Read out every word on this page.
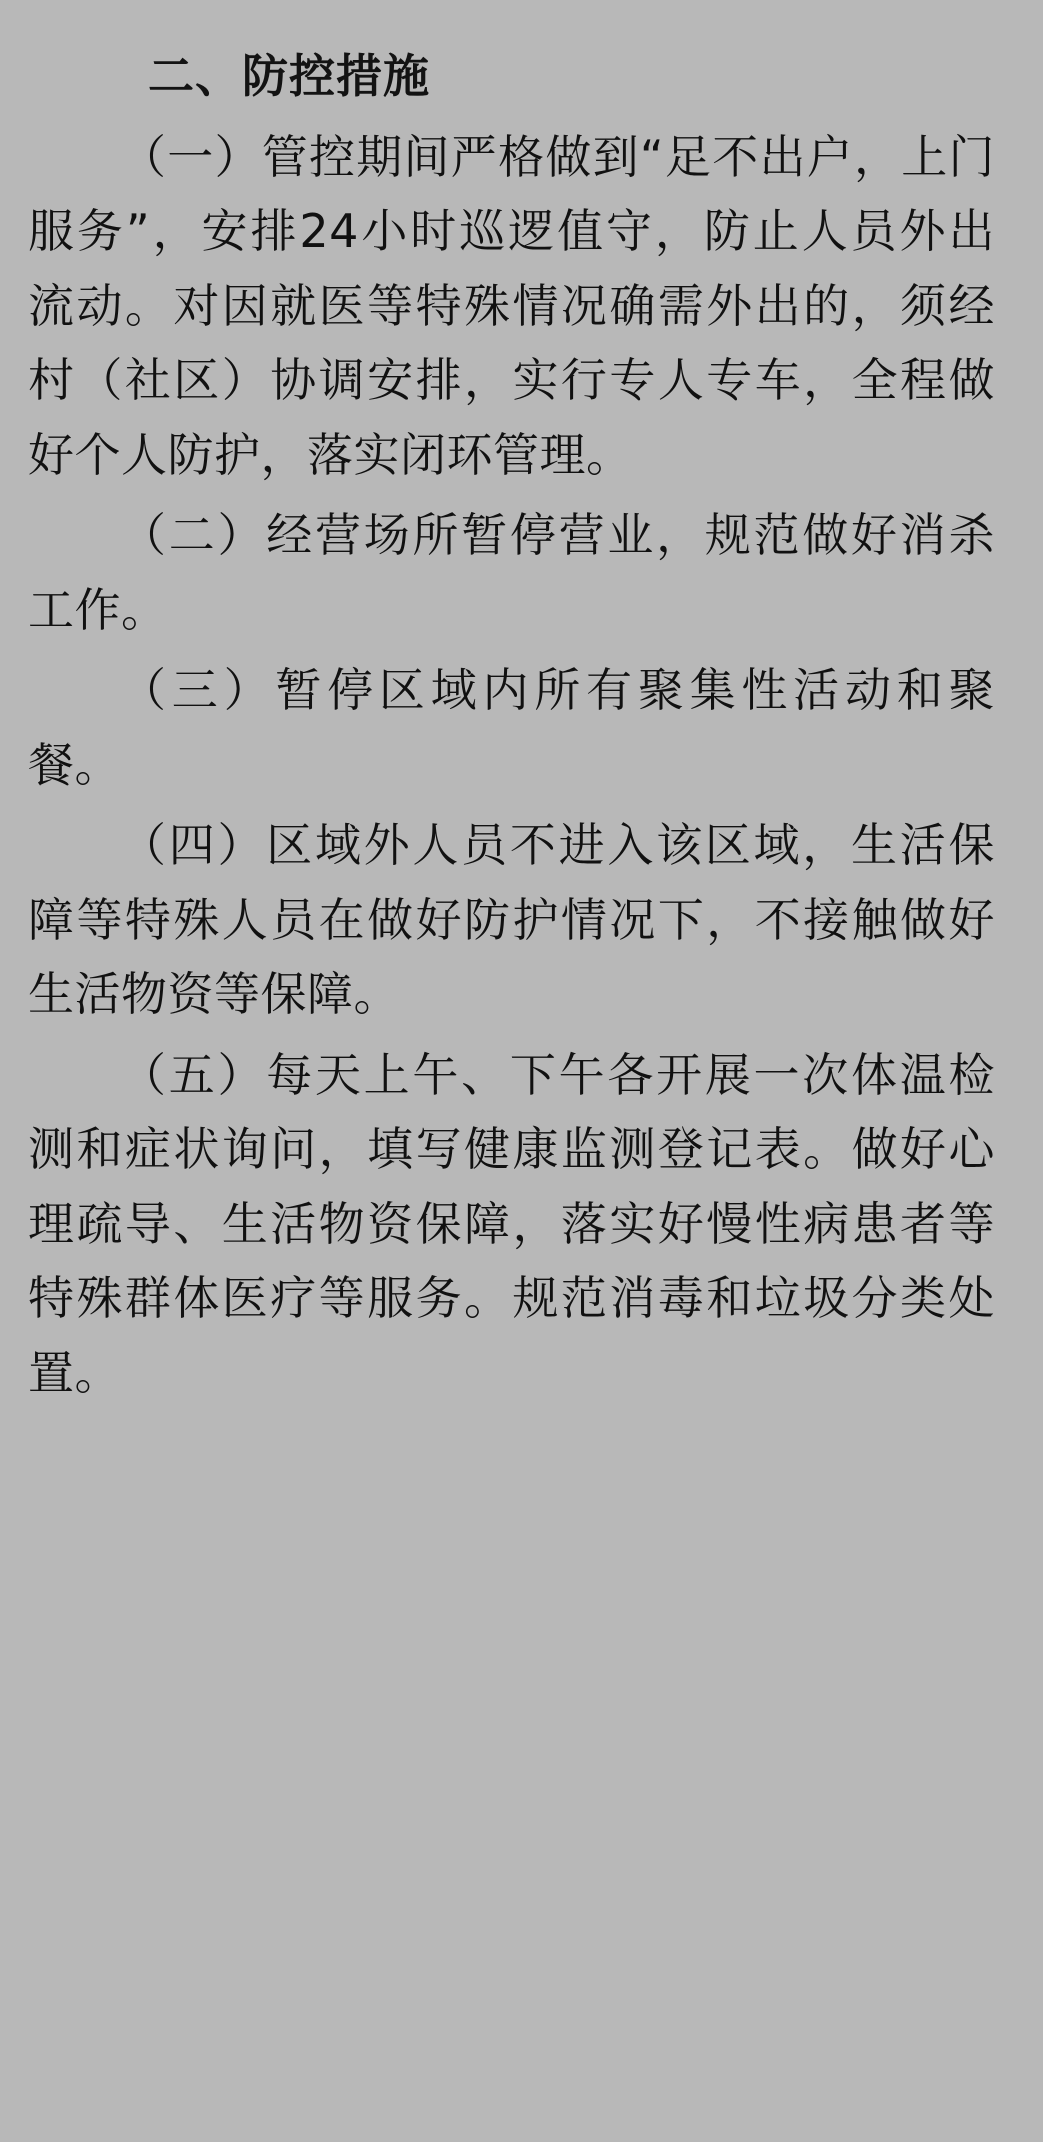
二、防控措施

（一）管控期间严格做到“足不出户，上门服务”，安排24小时巡逻值守，防止人员外出流动。对因就医等特殊情况确需外出的，须经村（社区）协调安排，实行专人专车，全程做好个人防护，落实闭环管理。

（二）经营场所暂停营业，规范做好消杀工作。

（三）暂停区域内所有聚集性活动和聚餐。

（四）区域外人员不进入该区域，生活保障等特殊人员在做好防护情况下，不接触做好生活物资等保障。

（五）每天上午、下午各开展一次体温检测和症状询问，填写健康监测登记表。做好心理疏导、生活物资保障，落实好慢性病患者等特殊群体医疗等服务。规范消毒和垃圾分类处置。
